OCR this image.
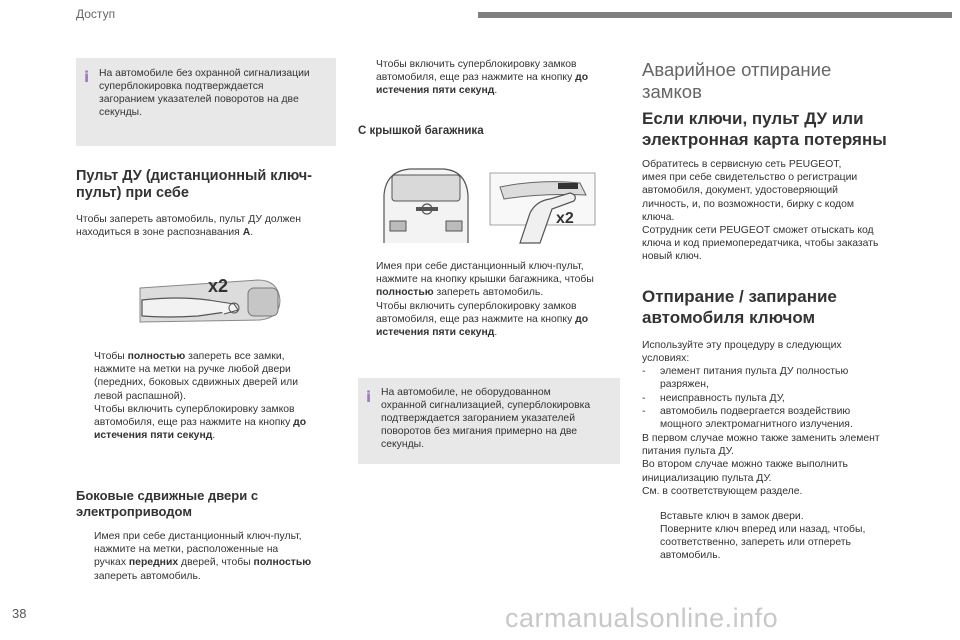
Доступ
i На автомобиле без охранной сигнализации

суперблокировка подтверждается

загоранием указателей поворотов на две

секунды.

Пульт ДУ (дистанционный ключ-
пульт) при себе
Чтобы запереть автомобиль, пульт ДУ должен
находиться в зоне распознавания A.
x2
Чтобы полностью запереть все замки,
нажмите на метки на ручке любой двери
(передних, боковых сдвижных дверей или
левой распашной).
Чтобы включить суперблокировку замков
автомобиля, еще раз нажмите на кнопку до
истечения пяти секунд.
Боковые сдвижные двери с
электроприводом
Имея при себе дистанционный ключ-пульт,
нажмите на метки, расположенные на
ручках передних дверей, чтобы полностью
запереть автомобиль.
Чтобы включить суперблокировку замков
автомобиля, еще раз нажмите на кнопку до
истечения пяти секунд.
С крышкой багажника
x2
Имея при себе дистанционный ключ-пульт,
нажмите на кнопку крышки багажника, чтобы
полностью запереть автомобиль.
Чтобы включить суперблокировку замков
автомобиля, еще раз нажмите на кнопку до
истечения пяти секунд.
i На автомобиле, не оборудованном

охранной сигнализацией, суперблокировка

подтверждается загоранием указателей

поворотов без мигания примерно на две

секунды.

Аварийное отпирание
замков
Если ключи, пульт ДУ или
электронная карта потеряны
Обратитесь в сервисную сеть PEUGEOT,
имея при себе свидетельство о регистрации
автомобиля, документ, удостоверяющий
личность, и, по возможности, бирку с кодом
ключа.
Сотрудник сети PEUGEOT сможет отыскать код
ключа и код приемопередатчика, чтобы заказать
новый ключ.
Отпирание / запирание
автомобиля ключом
Используйте эту процедуру в следующих
условиях:
- элемент питания пульта ДУ полностью
разряжен,
- неисправность пульта ДУ,
- автомобиль подвергается воздействию
мощного электромагнитного излучения.
В первом случае можно также заменить элемент
питания пульта ДУ.
Во втором случае можно также выполнить
инициализацию пульта ДУ.
См. в соответствующем разделе.
Вставьте ключ в замок двери.
Поверните ключ вперед или назад, чтобы,
соответственно, запереть или отпереть
автомобиль.
38	carmanualsonline.info
